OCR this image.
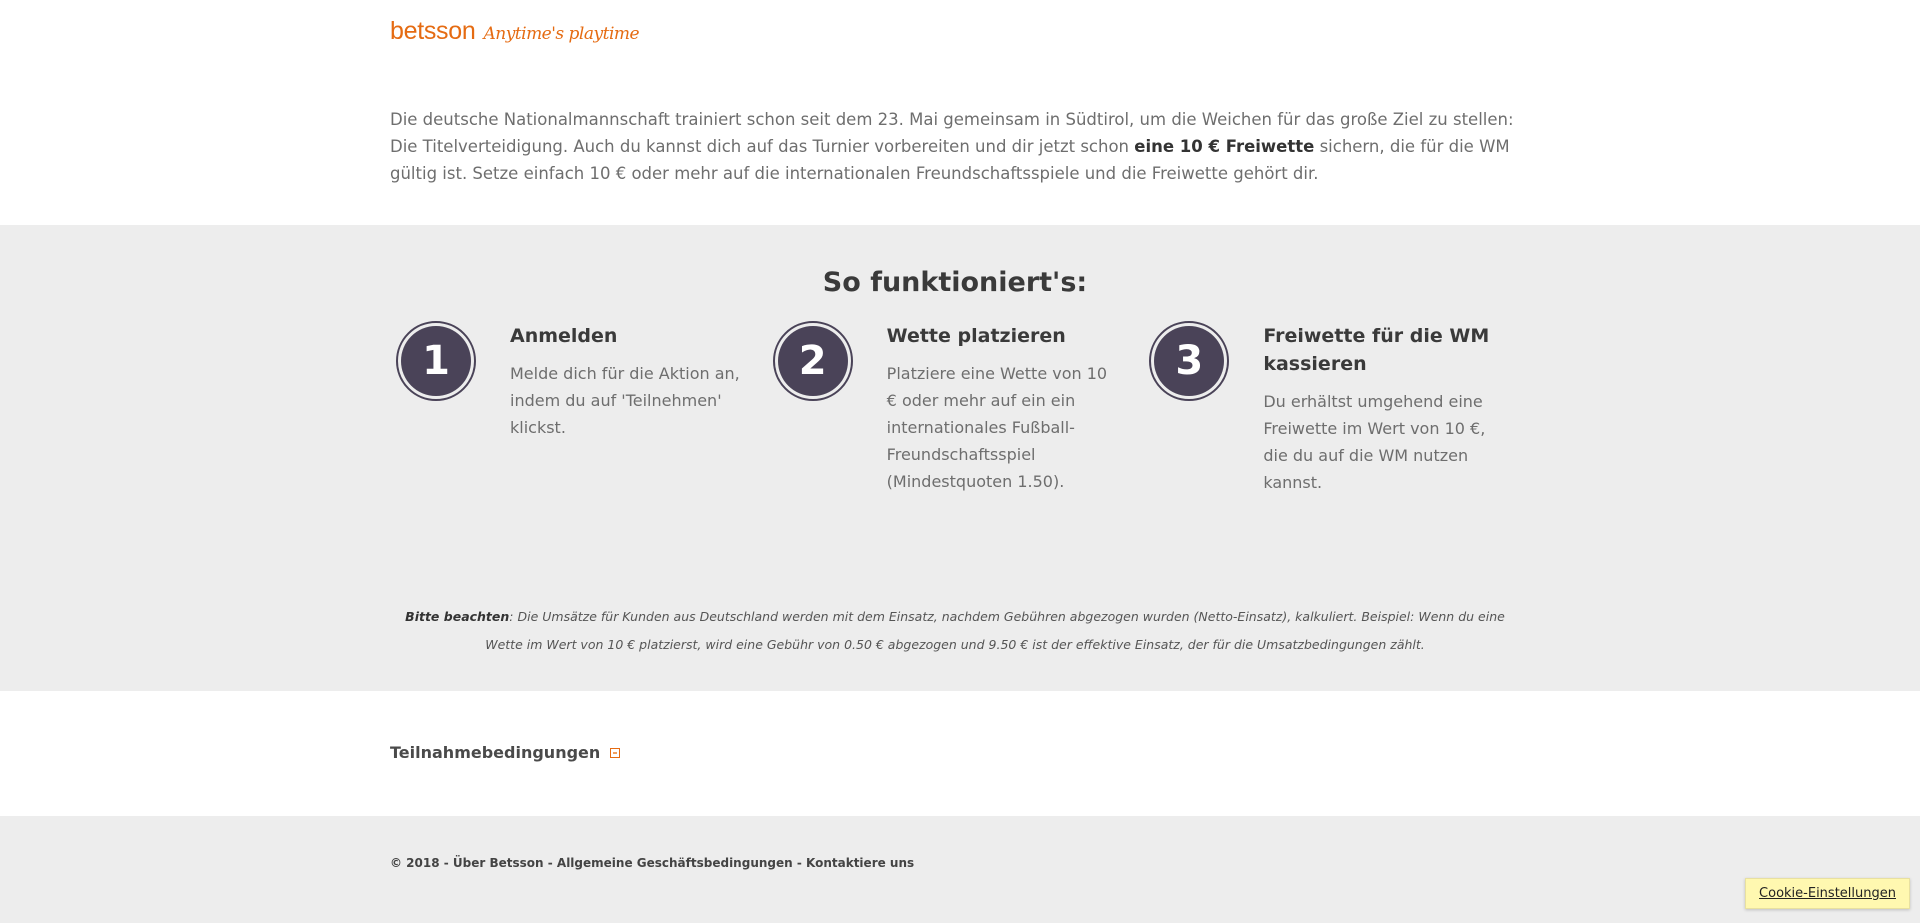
betsson Anytime's playtime
Die deutsche Nationalmannschaft trainiert schon seit dem 23. Mai gemeinsam in Südtirol, um die Weichen für das große Ziel zu stellen: Die Titelverteidigung. Auch du kannst dich auf das Turnier vorbereiten und dir jetzt schon eine 10 € Freiwette sichern, die für die WM gültig ist. Setze einfach 10 € oder mehr auf die internationalen Freundschaftsspiele und die Freiwette gehört dir.
So funktioniert's:
1

Anmelden

Melde dich für die Aktion an, indem du auf 'Teilnehmen' klickst.

2

Wette platzieren

Platziere eine Wette von 10 € oder mehr auf ein ein internationales Fußball-Freundschaftsspiel (Mindestquoten 1.50).

3

Freiwette für die WM kassieren

Du erhältst umgehend eine Freiwette im Wert von 10 €, die du auf die WM nutzen kannst.

Bitte beachten: Die Umsätze für Kunden aus Deutschland werden mit dem Einsatz, nachdem Gebühren abgezogen wurden (Netto-Einsatz), kalkuliert. Beispiel: Wenn du eine Wette im Wert von 10 € platzierst, wird eine Gebühr von 0.50 € abgezogen und 9.50 € ist der effektive Einsatz, der für die Umsatzbedingungen zählt.
Teilnahmebedingungen
© 2018 - Über Betsson - Allgemeine Geschäftsbedingungen - Kontaktiere uns
Cookie-Einstellungen
